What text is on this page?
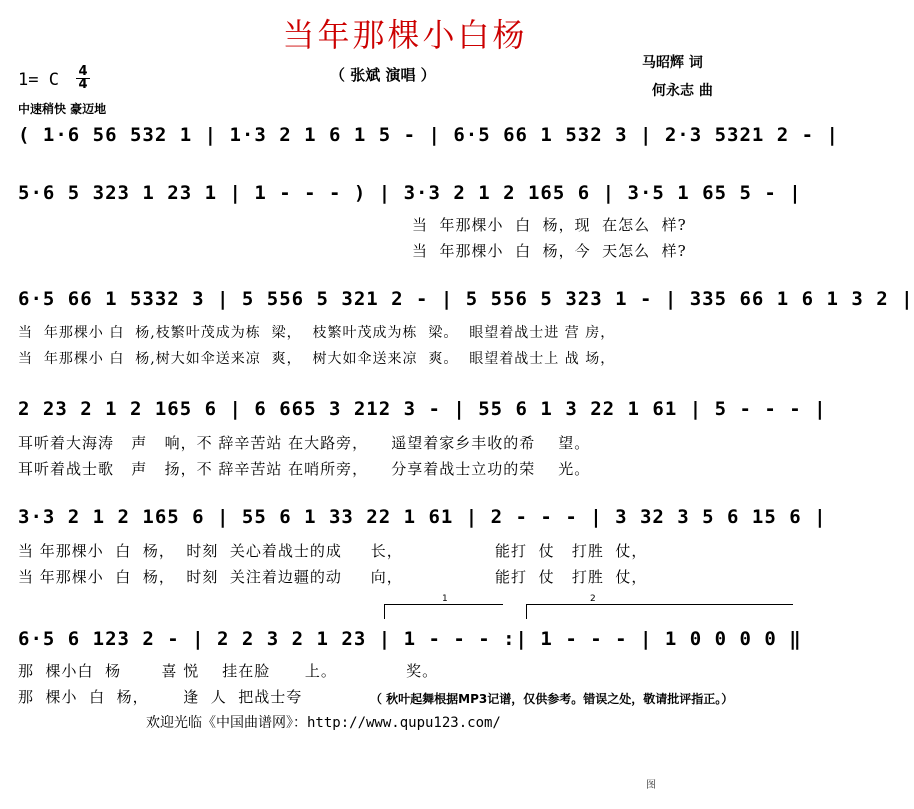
当年那棵小白杨
（ 张斌 演唱 ）
马昭辉 词
何永志 曲
1= C 4
4
中速稍快 豪迈地
( 1·6 56 532 1 | 1·3 2 1 6 1 5 - | 6·5 66 1 532 3 | 2·3 5321 2 - |
5·6 5 323 1 23 1 | 1 - - - ) | 3·3 2 1 2 165 6 | 3·5 1 65 5 - |
当  年那棵小  白  杨，现  在怎么  样?
当  年那棵小  白  杨，今  天怎么  样?
6·5 66 1 5332 3 | 5 556 5 321 2 - | 5 556 5 323 1 - | 335 66 1 6 1 3 2 |
当  年那棵小 白  杨,枝繁叶茂成为栋  梁，  枝繁叶茂成为栋  梁。  眼望着战士进 营 房，
当  年那棵小 白  杨,树大如伞送来凉  爽，  树大如伞送来凉  爽。  眼望着战士上 战 场，
2 23 2 1 2 165 6 | 6 665 3 212 3 - | 55 6 1 3 22 1 61 | 5 - - - |
耳听着大海涛   声   响，不 辞辛苦站 在大路旁，    遥望着家乡丰收的希    望。
耳听着战士歌   声   扬，不 辞辛苦站 在哨所旁，    分享着战士立功的荣    光。
3·3 2 1 2 165 6 | 55 6 1 33 22 1 61 | 2 - - - | 3 32 3 5 6 15 6 |
当 年那棵小  白  杨，  时刻  关心着战士的成     长，                能打  仗   打胜  仗，
当 年那棵小  白  杨，  时刻  关注着边疆的动     向，                能打  仗   打胜  仗，
1	2
6·5 6 123 2 - | 2 2 3 2 1 23 | 1 - - - :| 1 - - - | 1 0 0 0 0 ‖
那  棵小白  杨       喜 悦    挂在脸      上。            奖。
那  棵小  白  杨，      逢  人  把战士夸	（ 秋叶起舞根据MP3记谱，仅供参考。错误之处，敬请批评指正。）
欢迎光临《中国曲谱网》：http://www.qupu123.com/
图
